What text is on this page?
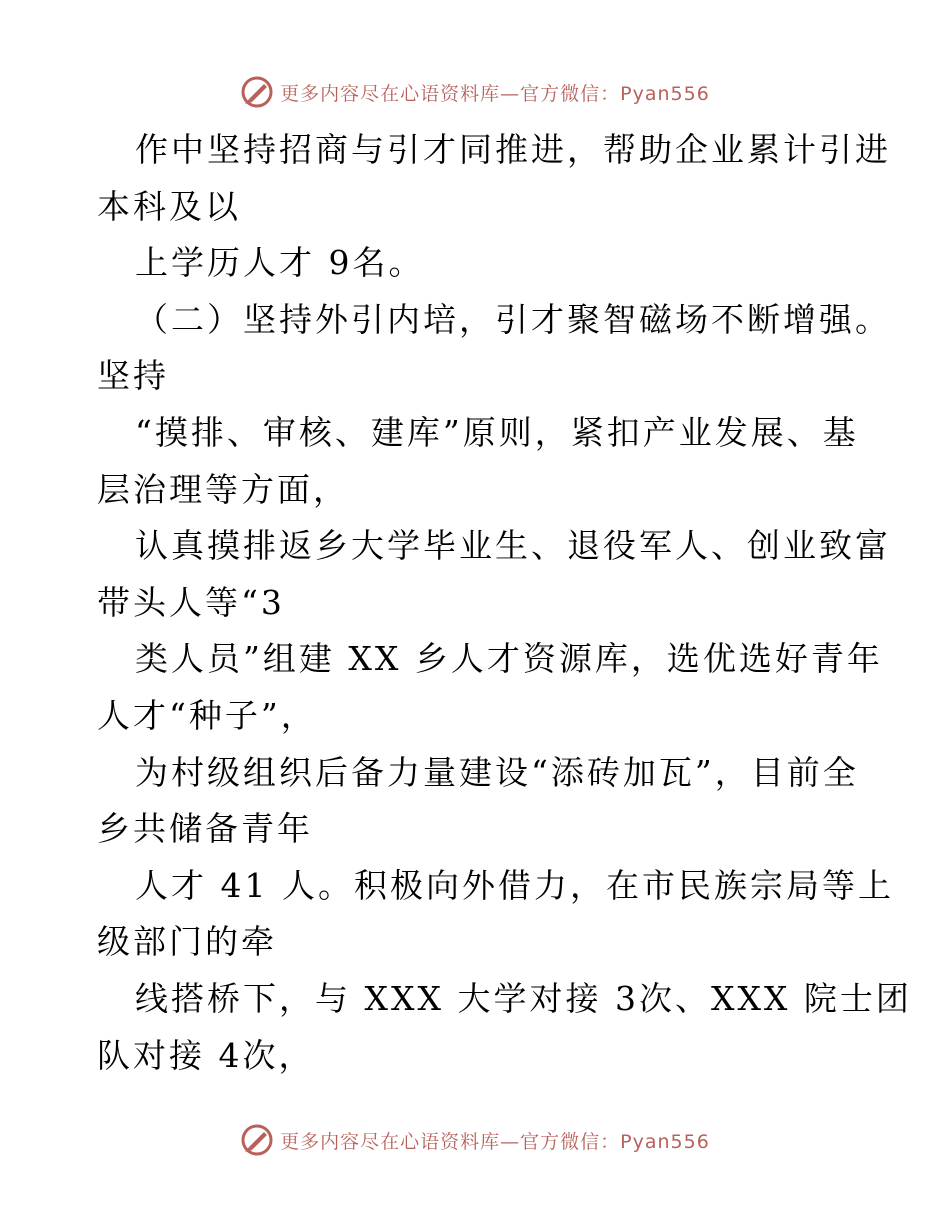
更多内容尽在心语资料库—官方微信：Pyan556
作中坚持招商与引才同推进，帮助企业累计引进
本科及以
上学历人才 9名。
（二）坚持外引内培，引才聚智磁场不断增强。
坚持
“摸排、审核、建库”原则，紧扣产业发展、基
层治理等方面，
认真摸排返乡大学毕业生、退役军人、创业致富
带头人等“3
类人员”组建 XX 乡人才资源库，选优选好青年
人才“种子”，
为村级组织后备力量建设“添砖加瓦”，目前全
乡共储备青年
人才 41 人。积极向外借力，在市民族宗局等上
级部门的牵
线搭桥下，与 XXX 大学对接 3次、XXX 院士团
队对接 4次，
更多内容尽在心语资料库—官方微信：Pyan556
